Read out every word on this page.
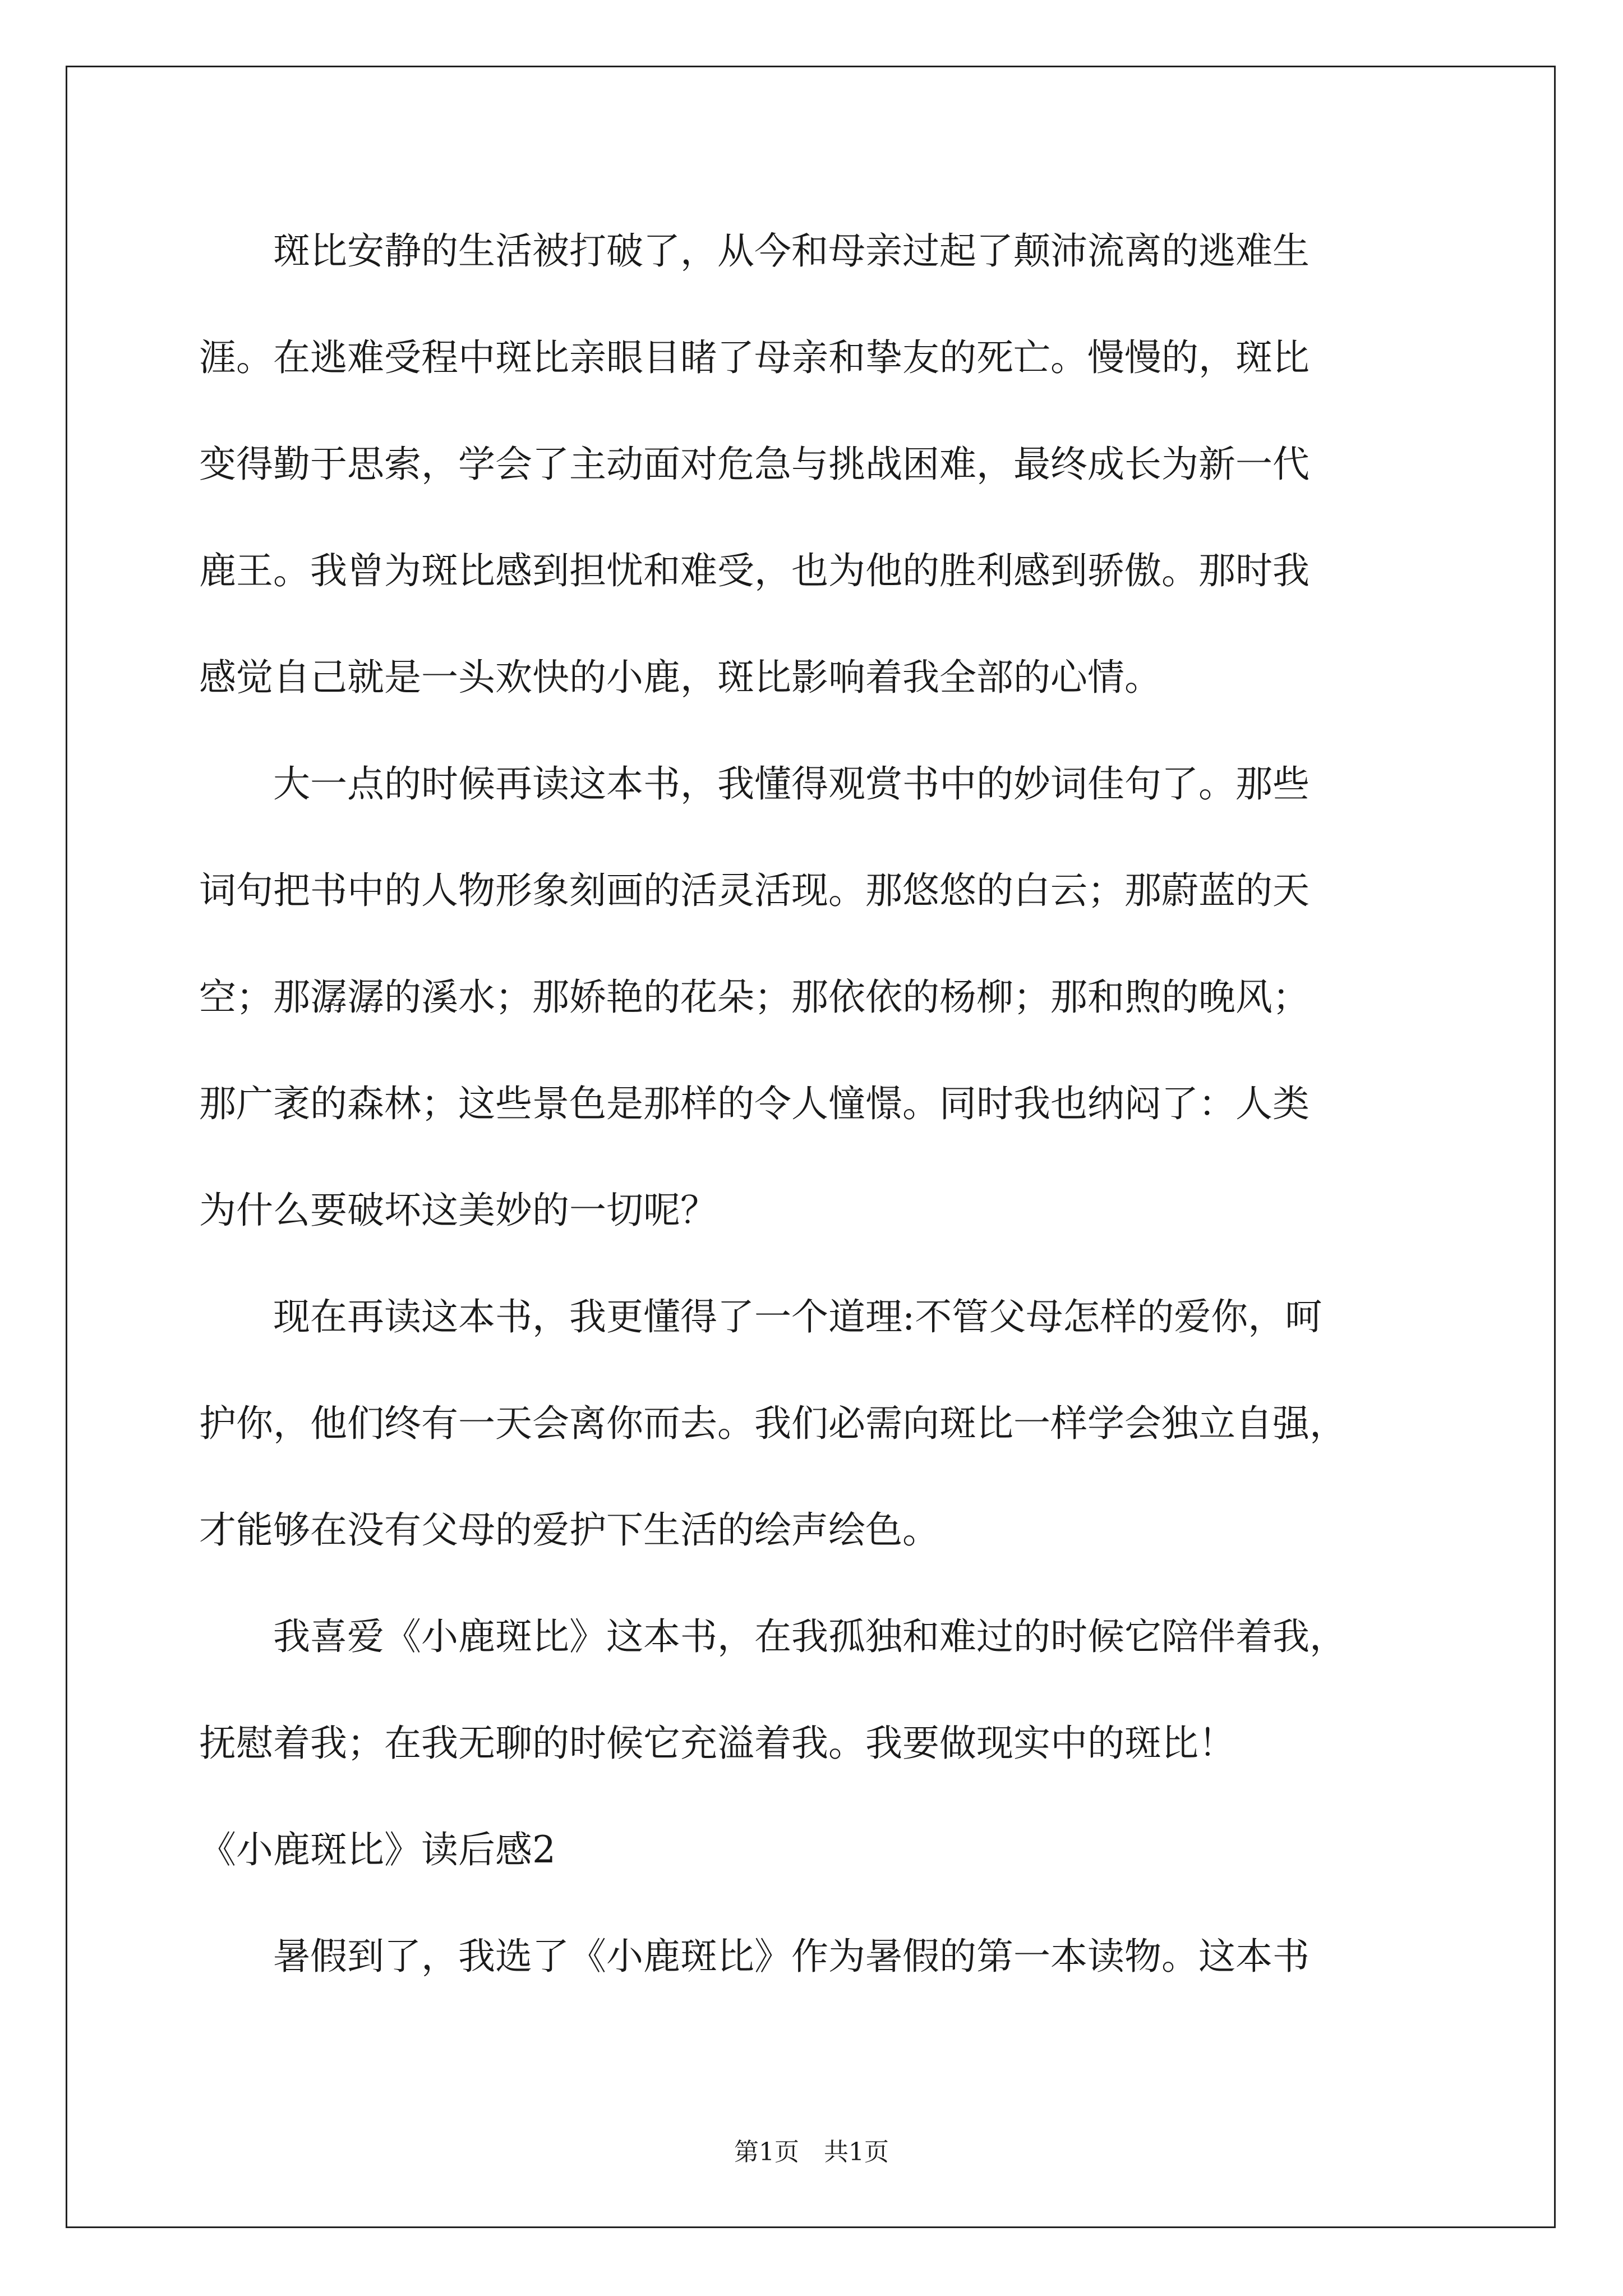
　　斑比安静的生活被打破了，从今和母亲过起了颠沛流离的逃难生
涯。在逃难受程中斑比亲眼目睹了母亲和挚友的死亡。慢慢的，斑比
变得勤于思索，学会了主动面对危急与挑战困难，最终成长为新一代
鹿王。我曾为斑比感到担忧和难受，也为他的胜利感到骄傲。那时我
感觉自己就是一头欢快的小鹿，斑比影响着我全部的心情。
　　大一点的时候再读这本书，我懂得观赏书中的妙词佳句了。那些
词句把书中的人物形象刻画的活灵活现。那悠悠的白云；那蔚蓝的天
空；那潺潺的溪水；那娇艳的花朵；那依依的杨柳；那和煦的晚风；
那广袤的森林；这些景色是那样的令人憧憬。同时我也纳闷了：人类
为什么要破坏这美妙的一切呢？
　　现在再读这本书，我更懂得了一个道理:不管父母怎样的爱你，呵
护你，他们终有一天会离你而去。我们必需向斑比一样学会独立自强，
才能够在没有父母的爱护下生活的绘声绘色。
　　我喜爱《小鹿斑比》这本书，在我孤独和难过的时候它陪伴着我，
抚慰着我；在我无聊的时候它充溢着我。我要做现实中的斑比！
《小鹿斑比》读后感2
　　暑假到了，我选了《小鹿斑比》作为暑假的第一本读物。这本书
第1页　共1页
